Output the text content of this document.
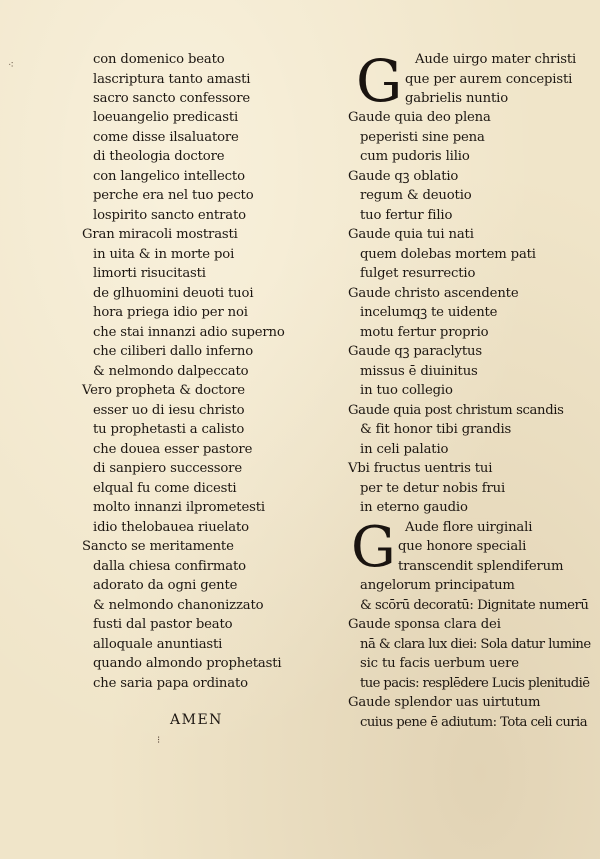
⁖	con domenico beato
lascriptura tanto amasti
sacro sancto confessore
loeuangelio predicasti
come disse ilsaluatore
di theologia doctore
con langelico intellecto
perche era nel tuo pecto
lospirito sancto entrato
Gran miracoli mostrasti
in uita & in morte poi
limorti risucitasti
de glhuomini deuoti tuoi
hora priega idio per noi
che stai innanzi adio superno
che ciliberi dallo inferno
& nelmondo dalpeccato
Vero propheta & doctore
esser uo di iesu christo
tu prophetasti a calisto
che douea esser pastore
di sanpiero successore
elqual fu come dicesti
molto innanzi ilprometesti
idio thelobauea riuelato
Sancto se meritamente
dalla chiesa confirmato
adorato da ogni gente
& nelmondo chanonizzato
fusti dal pastor beato
alloquale anuntiasti
quando almondo prophetasti
che saria papa ordinato
AMEN
⁝
G Aude uirgo mater christi
que per aurem concepisti
gabrielis nuntio
Gaude quia deo plena
peperisti sine pena
cum pudoris lilio
Gaude qꝫ oblatio
regum & deuotio
tuo fertur filio
Gaude quia tui nati
quem dolebas mortem pati
fulget resurrectio
Gaude christo ascendente
incelumqꝫ te uidente
motu fertur proprio
Gaude qꝫ paraclytus
missus ē diuinitus
in tuo collegio
Gaude quia post christum scandis
& fit honor tibi grandis
in celi palatio
Vbi fructus uentris tui
per te detur nobis frui
in eterno gaudio
G Aude flore uirginali
que honore speciali
transcendit splendiferum
angelorum principatum
& scōrū decoratū: Dignitate numerū
Gaude sponsa clara dei
nā & clara lux diei: Sola datur lumine
sic tu facis uerbum uere
tue pacis: resplēdere Lucis plenitudiē
Gaude splendor uas uirtutum
cuius pene ē adiutum: Tota celi curia
